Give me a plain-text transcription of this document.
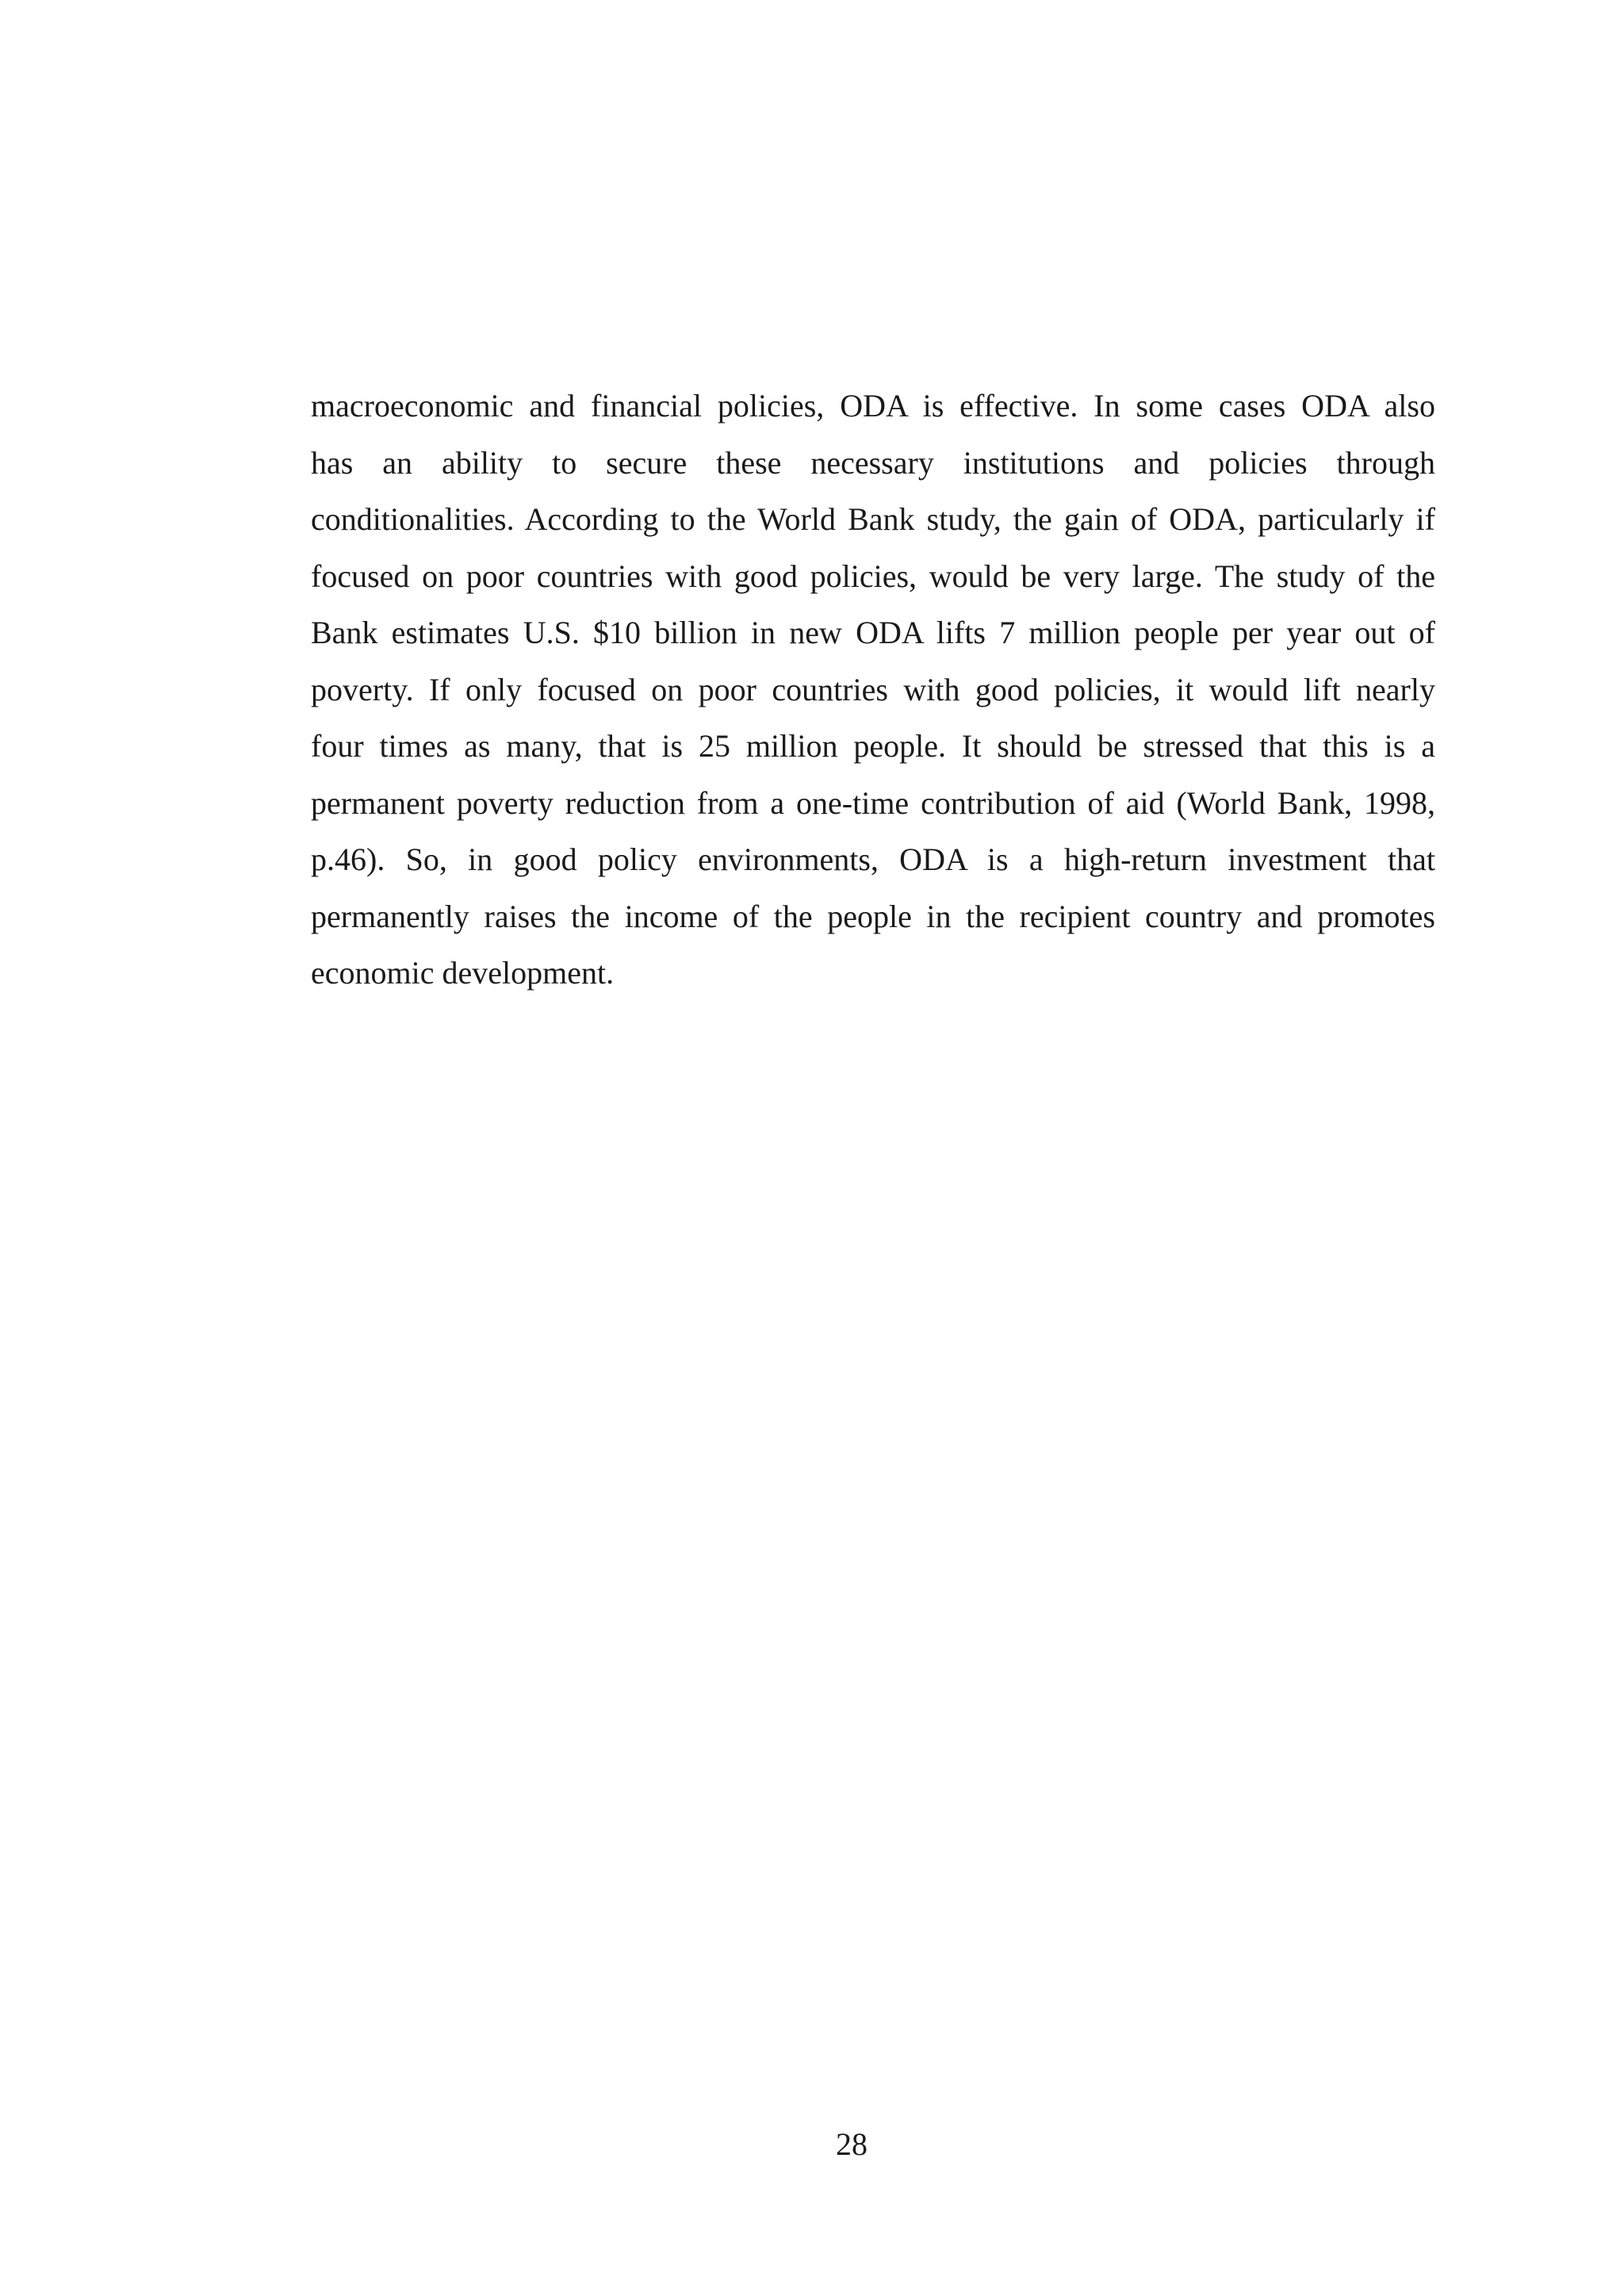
macroeconomic and financial policies, ODA is effective. In some cases ODA also
has an ability to secure these necessary institutions and policies through
conditionalities. According to the World Bank study, the gain of ODA, particularly if
focused on poor countries with good policies, would be very large. The study of the
Bank estimates U.S. $10 billion in new ODA lifts 7 million people per year out of
poverty. If only focused on poor countries with good policies, it would lift nearly
four times as many, that is 25 million people. It should be stressed that this is a
permanent poverty reduction from a one-time contribution of aid (World Bank, 1998,
p.46). So, in good policy environments, ODA is a high-return investment that
permanently raises the income of the people in the recipient country and promotes
economic development.
28
